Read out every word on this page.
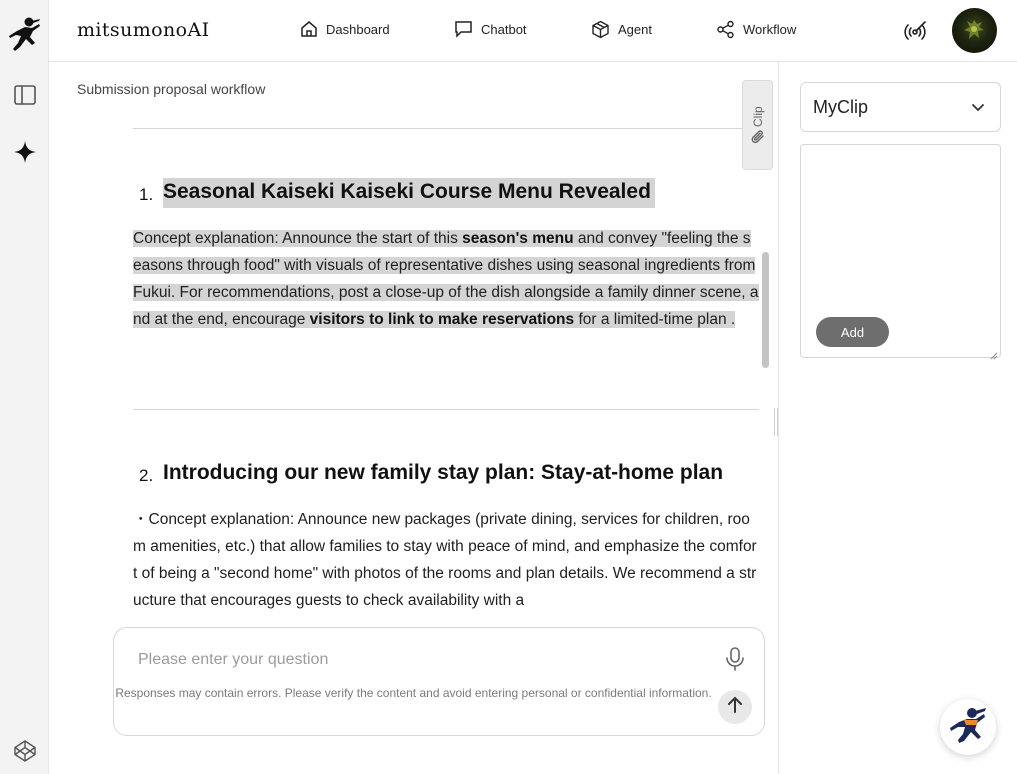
mitsumonoAI	Dashboard	Chatbot	Agent	Workflow
Submission proposal workflow
1. Seasonal Kaiseki Kaiseki Course Menu Revealed
Concept explanation: Announce the start of this season's menu and convey "feeling the seasons through food" with visuals of representative dishes using seasonal ingredients from Fukui. For recommendations, post a close-up of the dish alongside a family dinner scene, and at the end, encourage visitors to link to make reservations for a limited-time plan .
2. Introducing our new family stay plan: Stay-at-home plan
・Concept explanation: Announce new packages (private dining, services for children, room amenities, etc.) that allow families to stay with peace of mind, and emphasize the comfort of being a "second home" with photos of the rooms and plan details. We recommend a structure that encourages guests to check availability with a
Clip
Please enter your question
Responses may contain errors. Please verify the content and avoid entering personal or confidential information.
MyClip
Add
